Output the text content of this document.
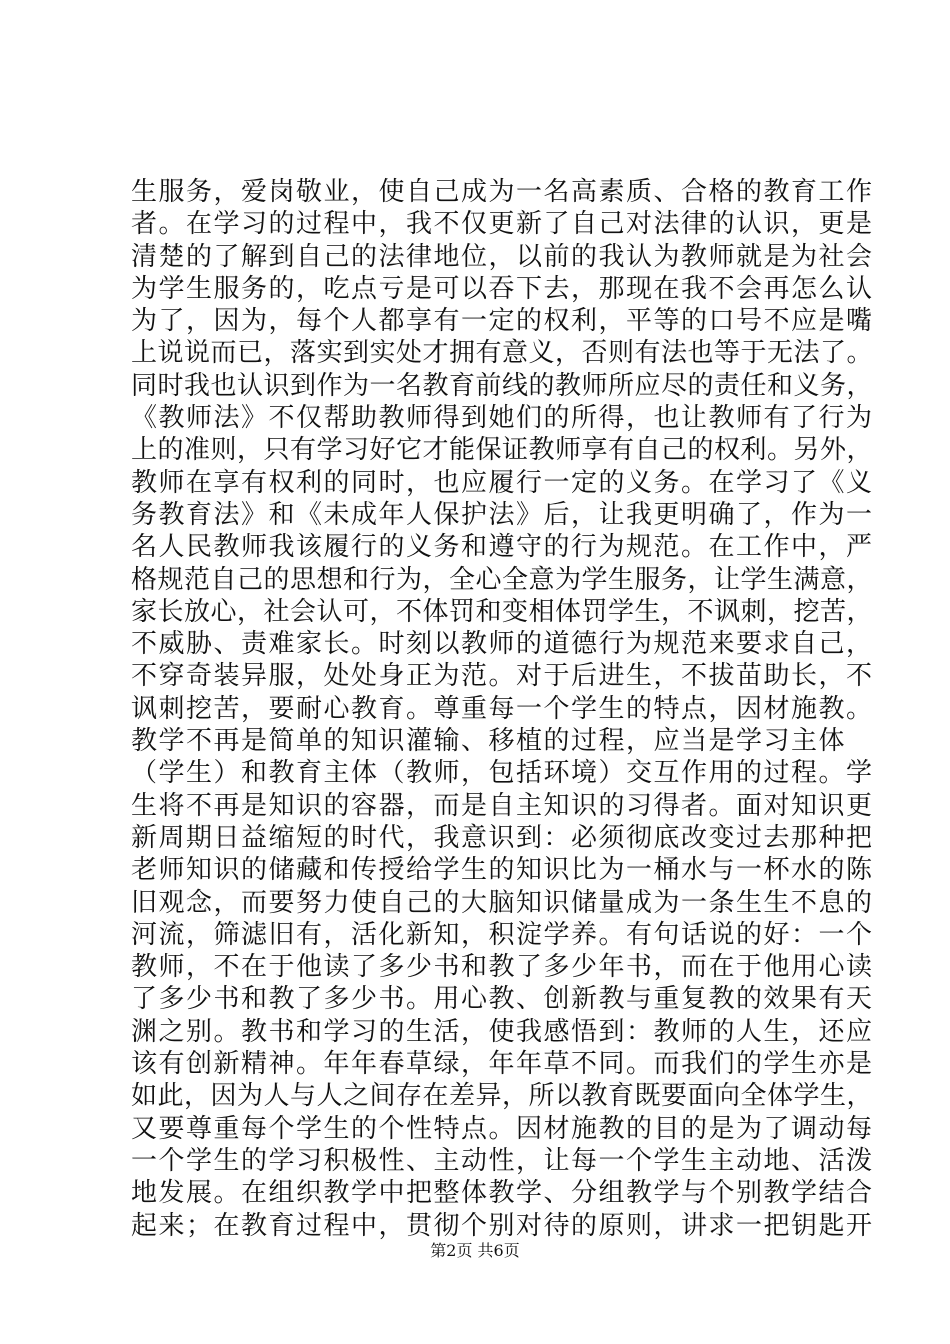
生服务，爱岗敬业，使自己成为一名高素质、合格的教育工作
者。在学习的过程中，我不仅更新了自己对法律的认识，更是
清楚的了解到自己的法律地位，以前的我认为教师就是为社会
为学生服务的，吃点亏是可以吞下去，那现在我不会再怎么认
为了，因为，每个人都享有一定的权利，平等的口号不应是嘴
上说说而已，落实到实处才拥有意义，否则有法也等于无法了。
同时我也认识到作为一名教育前线的教师所应尽的责任和义务，
《教师法》不仅帮助教师得到她们的所得，也让教师有了行为
上的准则，只有学习好它才能保证教师享有自己的权利。另外，
教师在享有权利的同时，也应履行一定的义务。在学习了《义
务教育法》和《未成年人保护法》后，让我更明确了，作为一
名人民教师我该履行的义务和遵守的行为规范。在工作中，严
格规范自己的思想和行为，全心全意为学生服务，让学生满意，
家长放心，社会认可，不体罚和变相体罚学生，不讽刺，挖苦，
不威胁、责难家长。时刻以教师的道德行为规范来要求自己，
不穿奇装异服，处处身正为范。对于后进生，不拔苗助长，不
讽刺挖苦，要耐心教育。尊重每一个学生的特点，因材施教。
教学不再是简单的知识灌输、移植的过程，应当是学习主体
（学生）和教育主体（教师，包括环境）交互作用的过程。学
生将不再是知识的容器，而是自主知识的习得者。面对知识更
新周期日益缩短的时代，我意识到：必须彻底改变过去那种把
老师知识的储藏和传授给学生的知识比为一桶水与一杯水的陈
旧观念，而要努力使自己的大脑知识储量成为一条生生不息的
河流，筛滤旧有，活化新知，积淀学养。有句话说的好：一个
教师，不在于他读了多少书和教了多少年书，而在于他用心读
了多少书和教了多少书。用心教、创新教与重复教的效果有天
渊之别。教书和学习的生活，使我感悟到：教师的人生，还应
该有创新精神。年年春草绿，年年草不同。而我们的学生亦是
如此，因为人与人之间存在差异，所以教育既要面向全体学生，
又要尊重每个学生的个性特点。因材施教的目的是为了调动每
一个学生的学习积极性、主动性，让每一个学生主动地、活泼
地发展。在组织教学中把整体教学、分组教学与个别教学结合
起来；在教育过程中，贯彻个别对待的原则，讲求一把钥匙开
第2页 共6页
